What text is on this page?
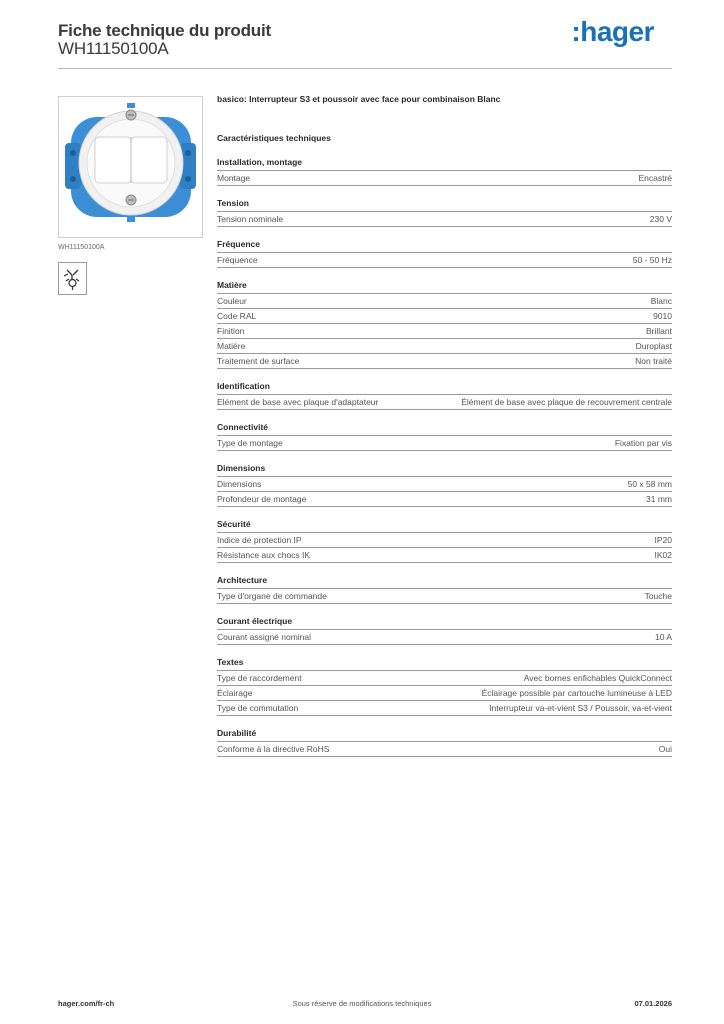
Fiche technique du produit
WH11150100A
:hager
WH11150100A
basico: Interrupteur S3 et poussoir avec face pour combinaison Blanc
Caractéristiques techniques
Installation, montage
Montage	Encastré
Tension
Tension nominale	230 V
Fréquence
Fréquence	50 - 50 Hz
Matière
Couleur	Blanc
Code RAL	9010
Finition	Brillant
Matière	Duroplast
Traitement de surface	Non traité
Identification
Elément de base avec plaque d'adaptateur	Élément de base avec plaque de recouvrement centrale
Connectivité
Type de montage	Fixation par vis
Dimensions
Dimensions	50 x 58 mm
Profondeur de montage	31 mm
Sécurité
Indice de protection IP	IP20
Résistance aux chocs IK	IK02
Architecture
Type d'organe de commande	Touche
Courant électrique
Courant assigné nominal	10 A
Textes
Type de raccordement	Avec bornes enfichables QuickConnect
Éclairage	Éclairage possible par cartouche lumineuse à LED
Type de commutation	Interrupteur va-et-vient S3 / Poussoir, va-et-vient
Durabilité
Conforme à la directive RoHS	Oui
hager.com/fr-ch	Sous réserve de modifications techniques	07.01.2026
